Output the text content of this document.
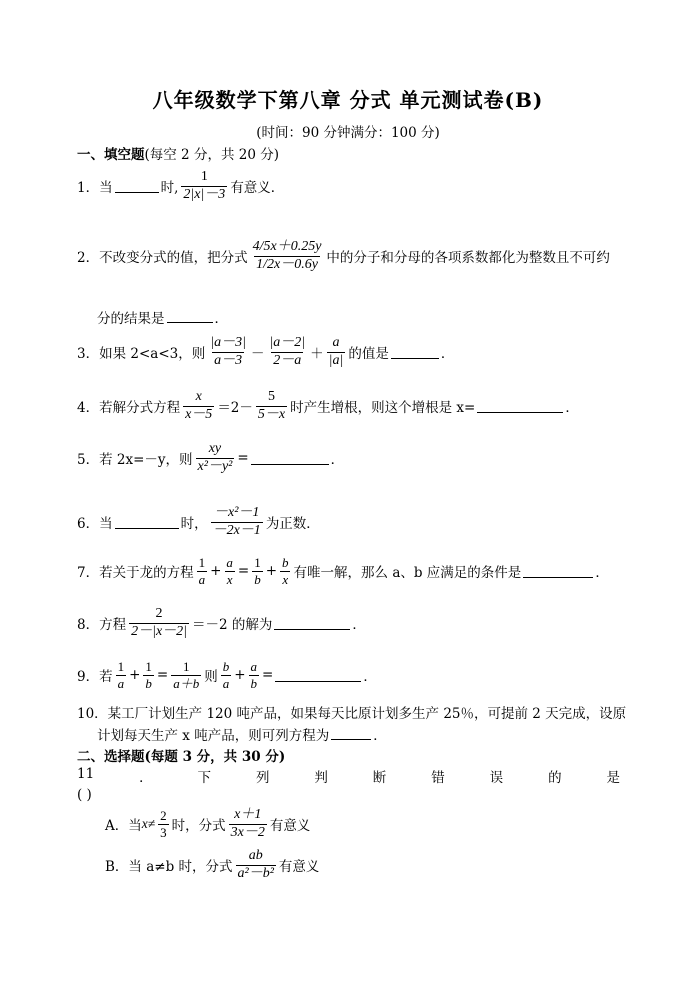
八年级数学下第八章 分式 单元测试卷(B)
(时间：90 分钟满分：100 分)
一、填空题(每空 2 分，共 20 分)
1．当	时, $\frac{1}{2|x|-3}$ 有意义．
2．不改变分式的值，把分式 $\frac{4/5x+0.25y}{1/2x-0.6y}$ 中的分子和分母的各项系数都化为整数且不可约
分的结果是	．
3．如果 2<a<3，则 $\frac{|a-3|}{a-3} - \frac{|a-2|}{2-a} + \frac{a}{|a|}$ 的值是	．
4．若解分式方程 $\frac{x}{x-5} =2- \frac{5}{5-x}$ 时产生增根，则这个增根是 x=	．
5．若 2x=－y，则 $\frac{xy}{\text{x²－y²}}$ =	．
6．当	时， $\frac{\text{－x²－1}}{-2x-1}$ 为正数．
7．若关于龙的方程 $\frac{1}{a} + \frac{a}{x} = \frac{1}{b} + \frac{b}{x}$ 有唯一解，那么 a、b 应满足的条件是	．
8．方程 $\frac{2}{2-|x-2|} =-2$ 的解为	．
9．若 $\frac{1}{a} + \frac{1}{b} = \frac{1}{a+b}$ 则 $\frac{b}{a} + \frac{a}{b}$ =	．
10．某工厂计划生产 120 吨产品，如果每天比原计划多生产 25％，可提前 2 天完成，设原
计划每天生产 x 吨产品，则可列方程为	．
二、选择题(每题 3 分，共 30 分)
11	．	下	列	判	断	错	误	的	是
( )
A．当 $x\ne \frac{2}{3}$ 时，分式 $\frac{x+1}{3x-2}$ 有意义
B．当 a≠b 时，分式 $\frac{ab}{\text{a²－b²}}$ 有意义
